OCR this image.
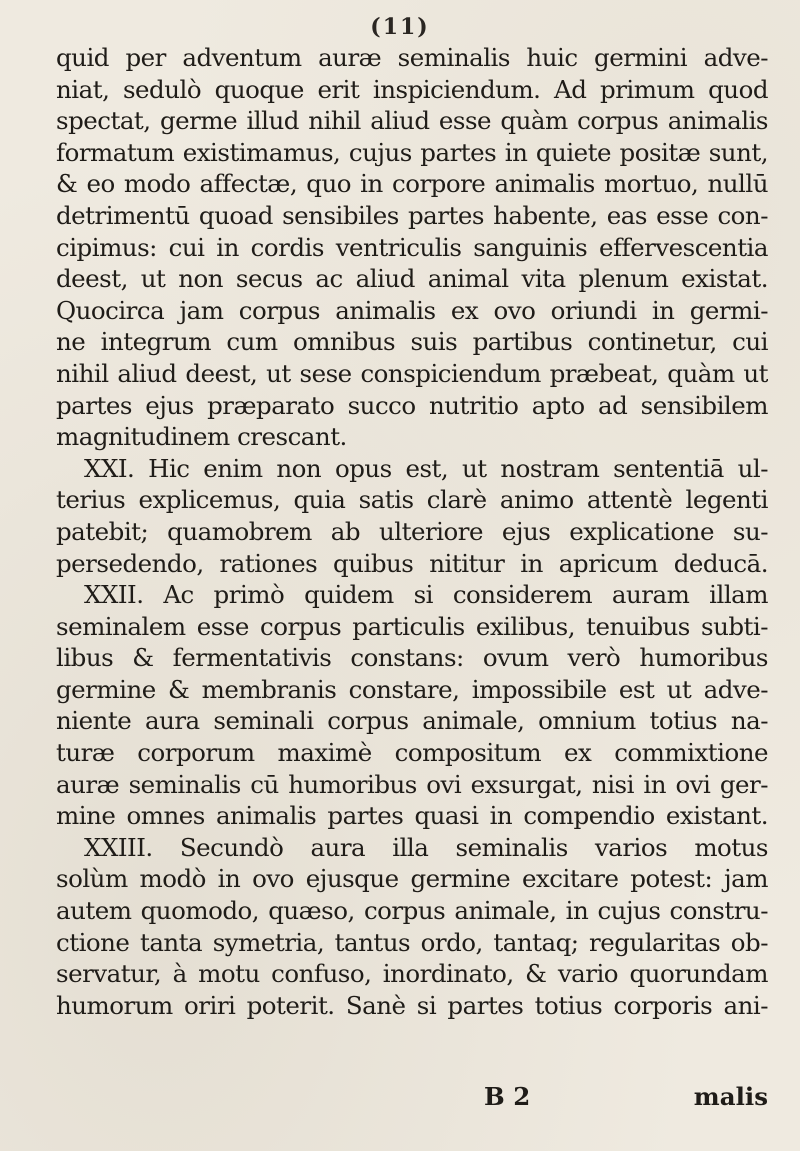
(11)
quid per adventum auræ seminalis huic germini adve-
niat, sedulò quoque erit inspiciendum. Ad primum quod
spectat, germe illud nihil aliud esse quàm corpus animalis
formatum existimamus, cujus partes in quiete positæ sunt,
& eo modo affectæ, quo in corpore animalis mortuo, nullū
detrimentū quoad sensibiles partes habente, eas esse con-
cipimus: cui in cordis ventriculis sanguinis effervescentia
deest, ut non secus ac aliud animal vita plenum existat.
Quocirca jam corpus animalis ex ovo oriundi in germi-
ne integrum cum omnibus suis partibus continetur, cui
nihil aliud deest, ut sese conspiciendum præbeat, quàm ut
partes ejus præparato succo nutritio apto ad sensibilem
magnitudinem crescant.
XXI. Hic enim non opus est, ut nostram sententiā ul-
terius explicemus, quia satis clarè animo attentè legenti
patebit; quamobrem ab ulteriore ejus explicatione su-
persedendo, rationes quibus nititur in apricum deducā.
XXII. Ac primò quidem si considerem auram illam
seminalem esse corpus particulis exilibus, tenuibus subti-
libus & fermentativis constans: ovum verò humoribus
germine & membranis constare, impossibile est ut adve-
niente aura seminali corpus animale, omnium totius na-
turæ corporum maximè compositum ex commixtione
auræ seminalis cū humoribus ovi exsurgat, nisi in ovi ger-
mine omnes animalis partes quasi in compendio existant.
XXIII. Secundò aura illa seminalis varios motus
solùm modò in ovo ejusque germine excitare potest: jam
autem quomodo, quæso, corpus animale, in cujus constru-
ctione tanta symetria, tantus ordo, tantaq; regularitas ob-
servatur, à motu confuso, inordinato, & vario quorundam
humorum oriri poterit. Sanè si partes totius corporis ani-
B 2	malis
